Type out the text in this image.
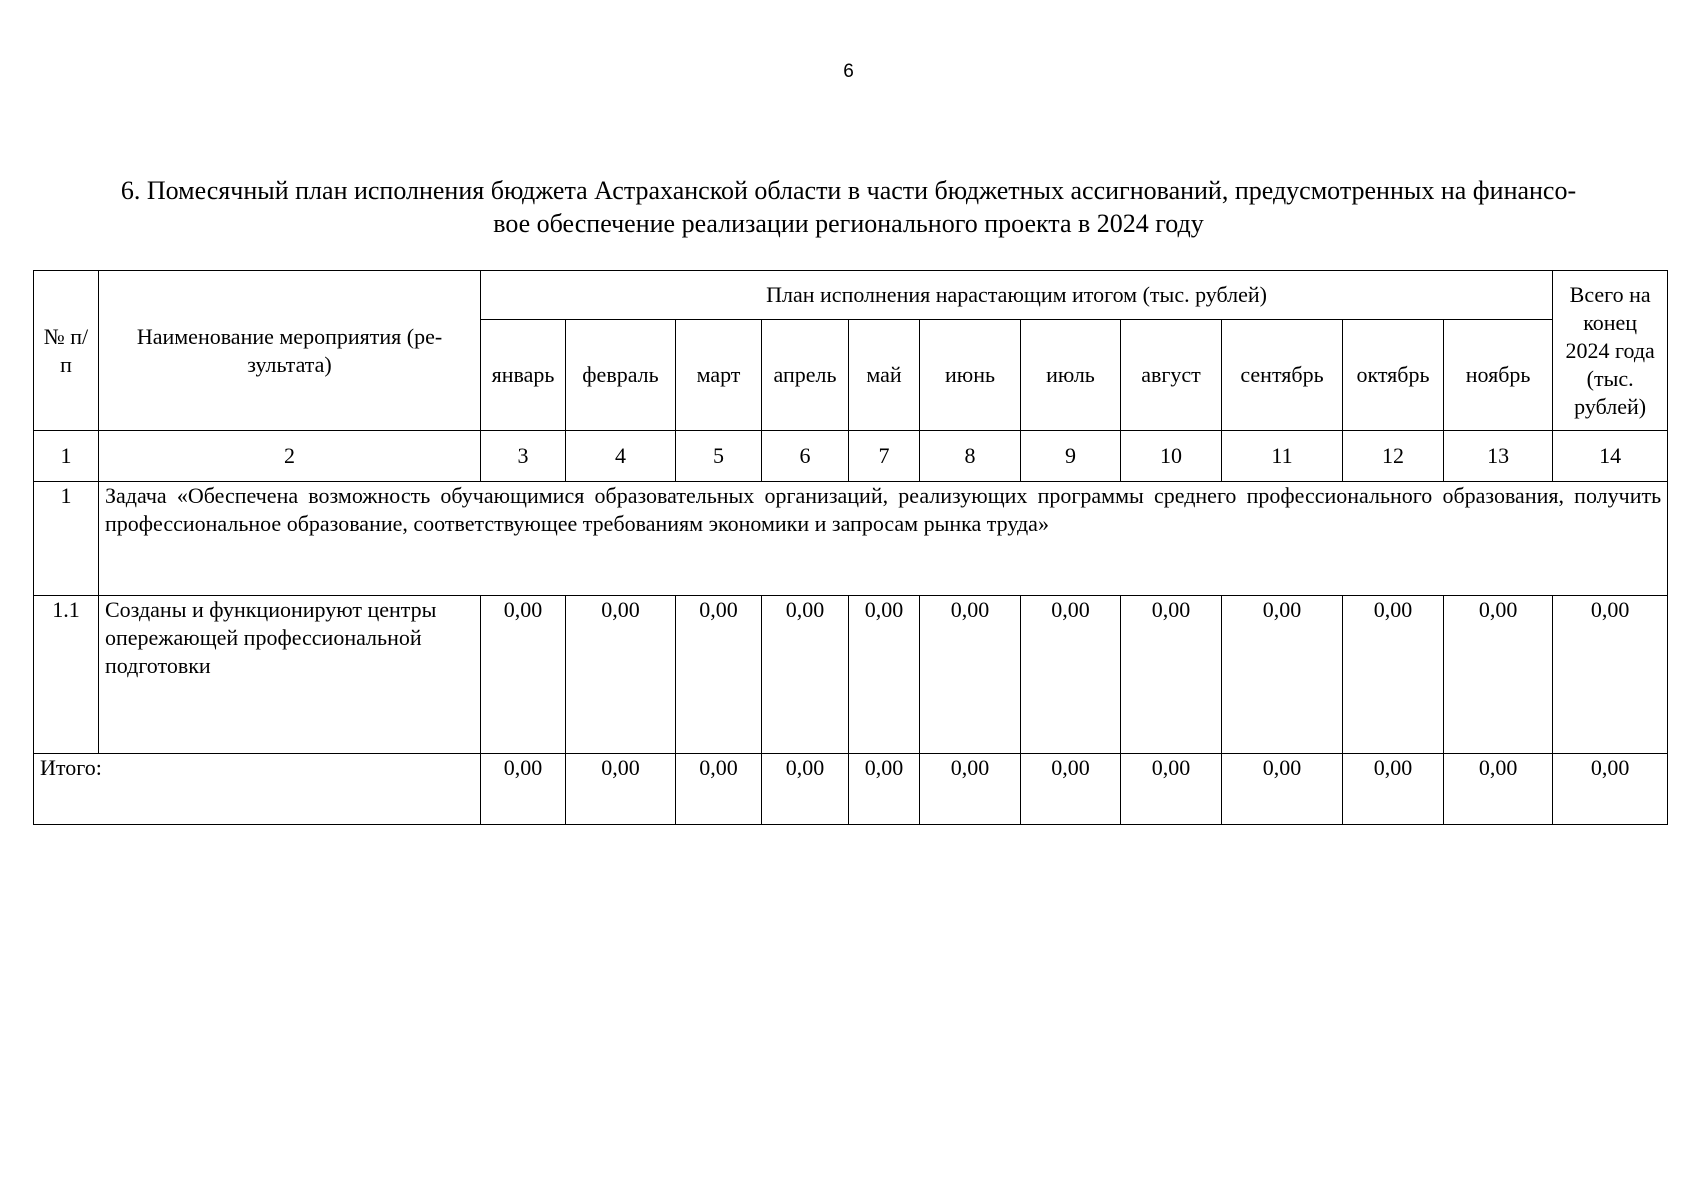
6
6. Помесячный план исполнения бюджета Астраханской области в части бюджетных ассигнований, предусмотренных на финансо-
вое обеспечение реализации регионального проекта в 2024 году
№ п/п	Наименование мероприятия (ре-зультата)	План исполнения нарастающим итогом (тыс. рублей)											Всего на конец 2024 года (тыс. рублей)
		январь	февраль	март	апрель	май	июнь	июль	август	сентябрь	октябрь	ноябрь	
1	2	3	4	5	6	7	8	9	10	11	12	13	14
1	Задача «Обеспечена возможность обучающимися образовательных организаций, реализующих программы среднего профессионального образования, получить профессиональное образование, соответствующее требованиям экономики и запросам рынка труда»												
1.1	Созданы и функционируют центры опережающей профессиональной подготовки	0,00	0,00	0,00	0,00	0,00	0,00	0,00	0,00	0,00	0,00	0,00	0,00
Итого:		0,00	0,00	0,00	0,00	0,00	0,00	0,00	0,00	0,00	0,00	0,00	0,00
